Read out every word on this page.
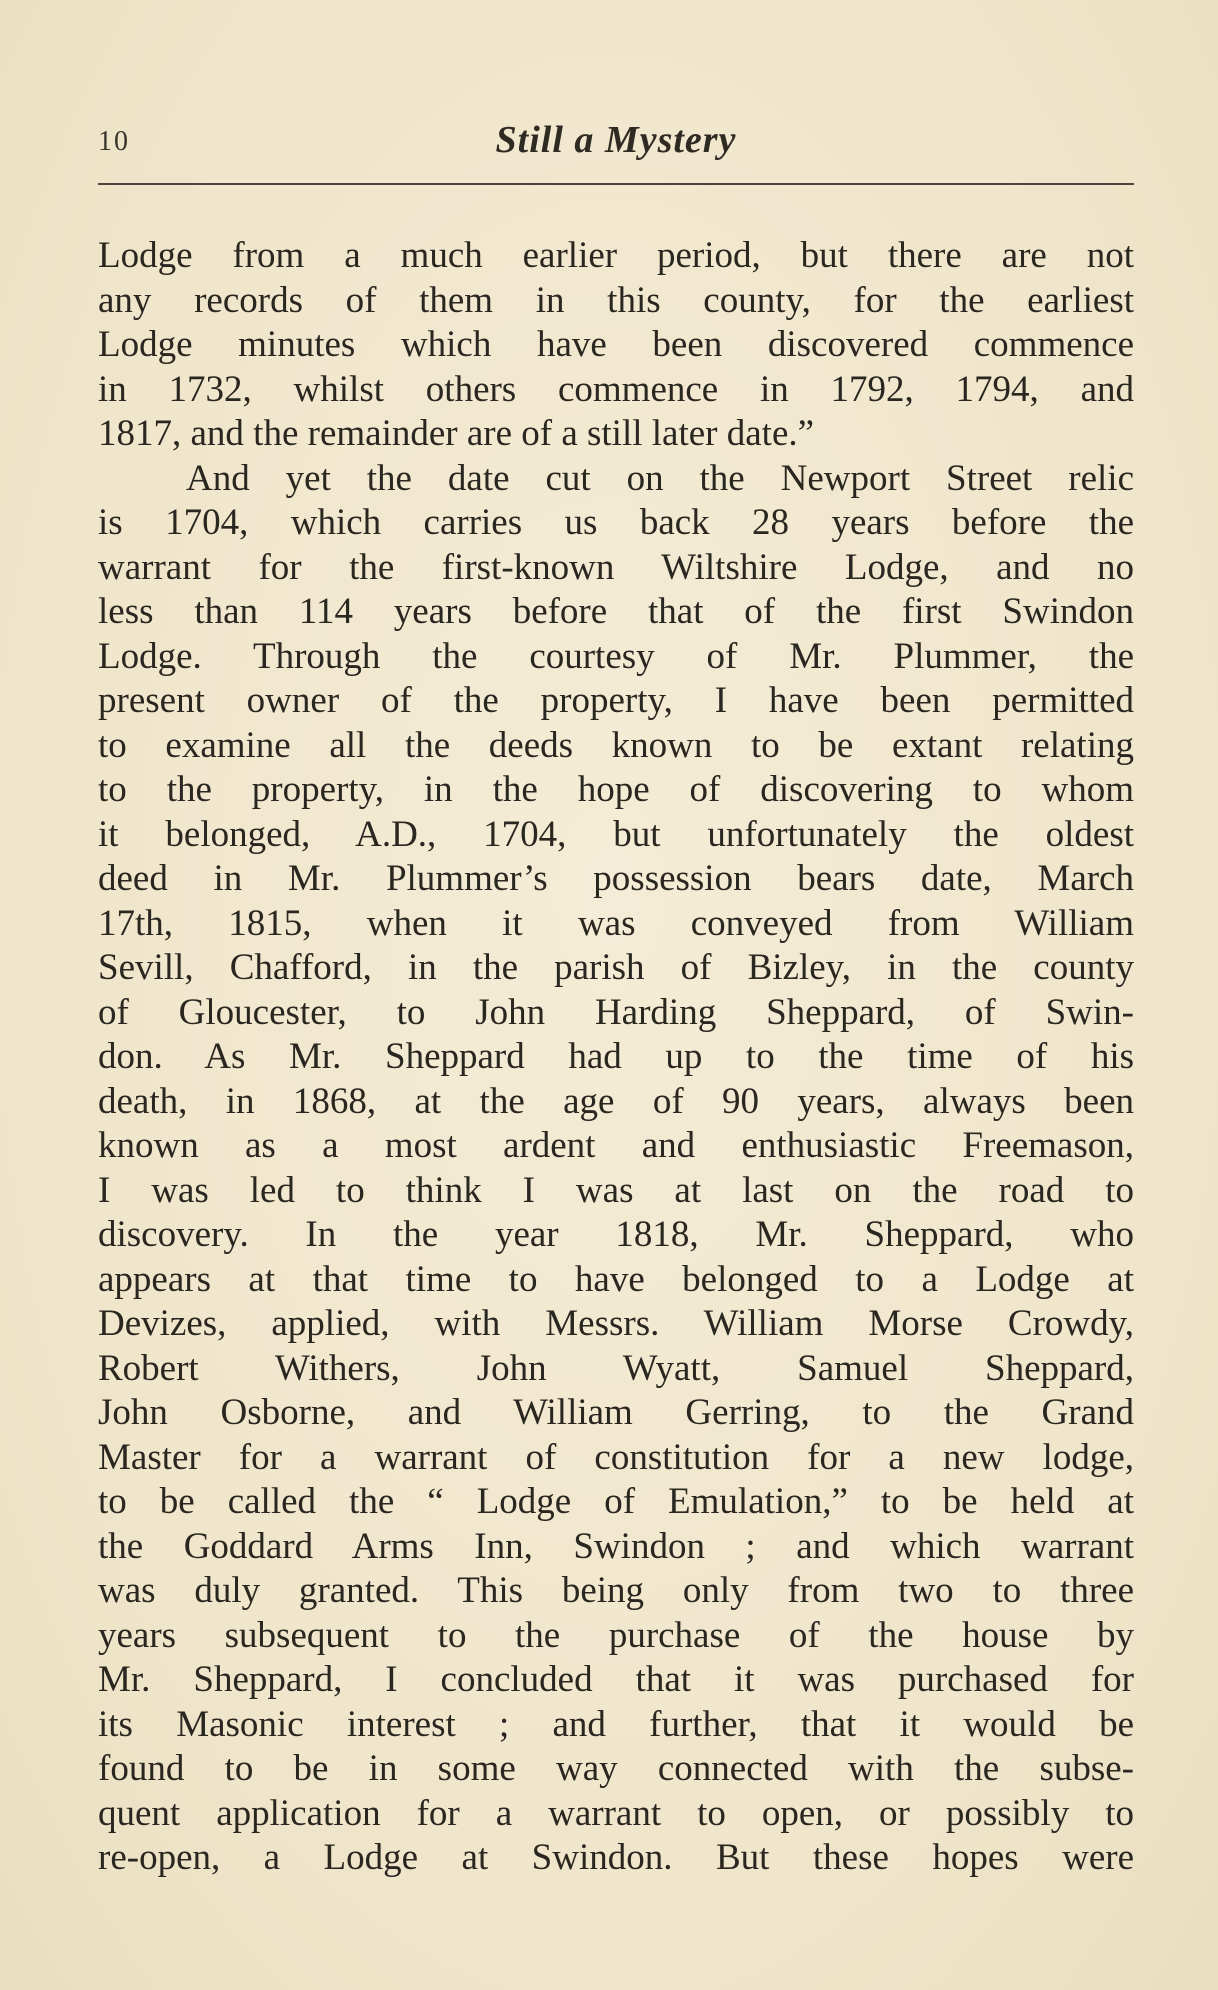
10	Still a Mystery
Lodge from a much earlier period, but there are not
any records of them in this county, for the earliest
Lodge minutes which have been discovered commence
in 1732, whilst others commence in 1792, 1794, and
1817, and the remainder are of a still later date.”
And yet the date cut on the Newport Street relic
is 1704, which carries us back 28 years before the
warrant for the first-known Wiltshire Lodge, and no
less than 114 years before that of the first Swindon
Lodge. Through the courtesy of Mr. Plummer, the
present owner of the property, I have been permitted
to examine all the deeds known to be extant relating
to the property, in the hope of discovering to whom
it belonged, A.D., 1704, but unfortunately the oldest
deed in Mr. Plummer’s possession bears date, March
17th, 1815, when it was conveyed from William
Sevill, Chafford, in the parish of Bizley, in the county
of Gloucester, to John Harding Sheppard, of Swin-
don. As Mr. Sheppard had up to the time of his
death, in 1868, at the age of 90 years, always been
known as a most ardent and enthusiastic Freemason,
I was led to think I was at last on the road to
discovery. In the year 1818, Mr. Sheppard, who
appears at that time to have belonged to a Lodge at
Devizes, applied, with Messrs. William Morse Crowdy,
Robert Withers, John Wyatt, Samuel Sheppard,
John Osborne, and William Gerring, to the Grand
Master for a warrant of constitution for a new lodge,
to be called the “ Lodge of Emulation,” to be held at
the Goddard Arms Inn, Swindon ; and which warrant
was duly granted. This being only from two to three
years subsequent to the purchase of the house by
Mr. Sheppard, I concluded that it was purchased for
its Masonic interest ; and further, that it would be
found to be in some way connected with the subse-
quent application for a warrant to open, or possibly to
re-open, a Lodge at Swindon. But these hopes were
